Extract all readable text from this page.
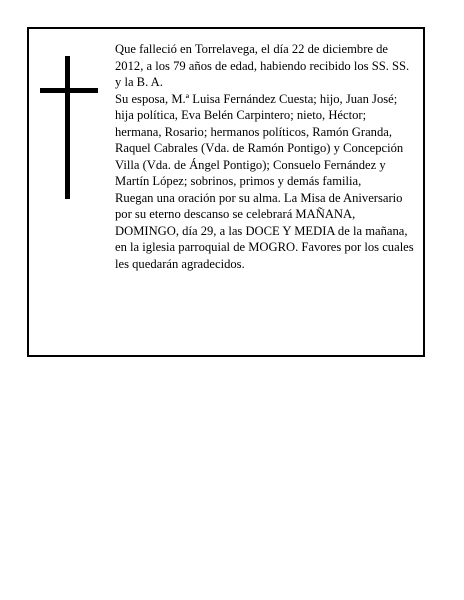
Que falleció en Torrelavega, el día 22 de diciembre de 2012, a los 79 años de edad, habiendo recibido los SS. SS. y la B. A.

Su esposa, M.ª Luisa Fernández Cuesta; hijo, Juan José; hija política, Eva Belén Carpintero; nieto, Héctor; hermana, Rosario; hermanos políticos, Ramón Granda, Raquel Cabrales (Vda. de Ramón Pontigo) y Concepción Villa (Vda. de Ángel Pontigo); Consuelo Fernández y Martín López; sobrinos, primos y demás familia,

Ruegan una oración por su alma. La Misa de Aniversario por su eterno descanso se celebrará MAÑANA, DOMINGO, día 29, a las DOCE Y MEDIA de la mañana, en la iglesia parroquial de MOGRO. Favores por los cuales les quedarán agradecidos.
